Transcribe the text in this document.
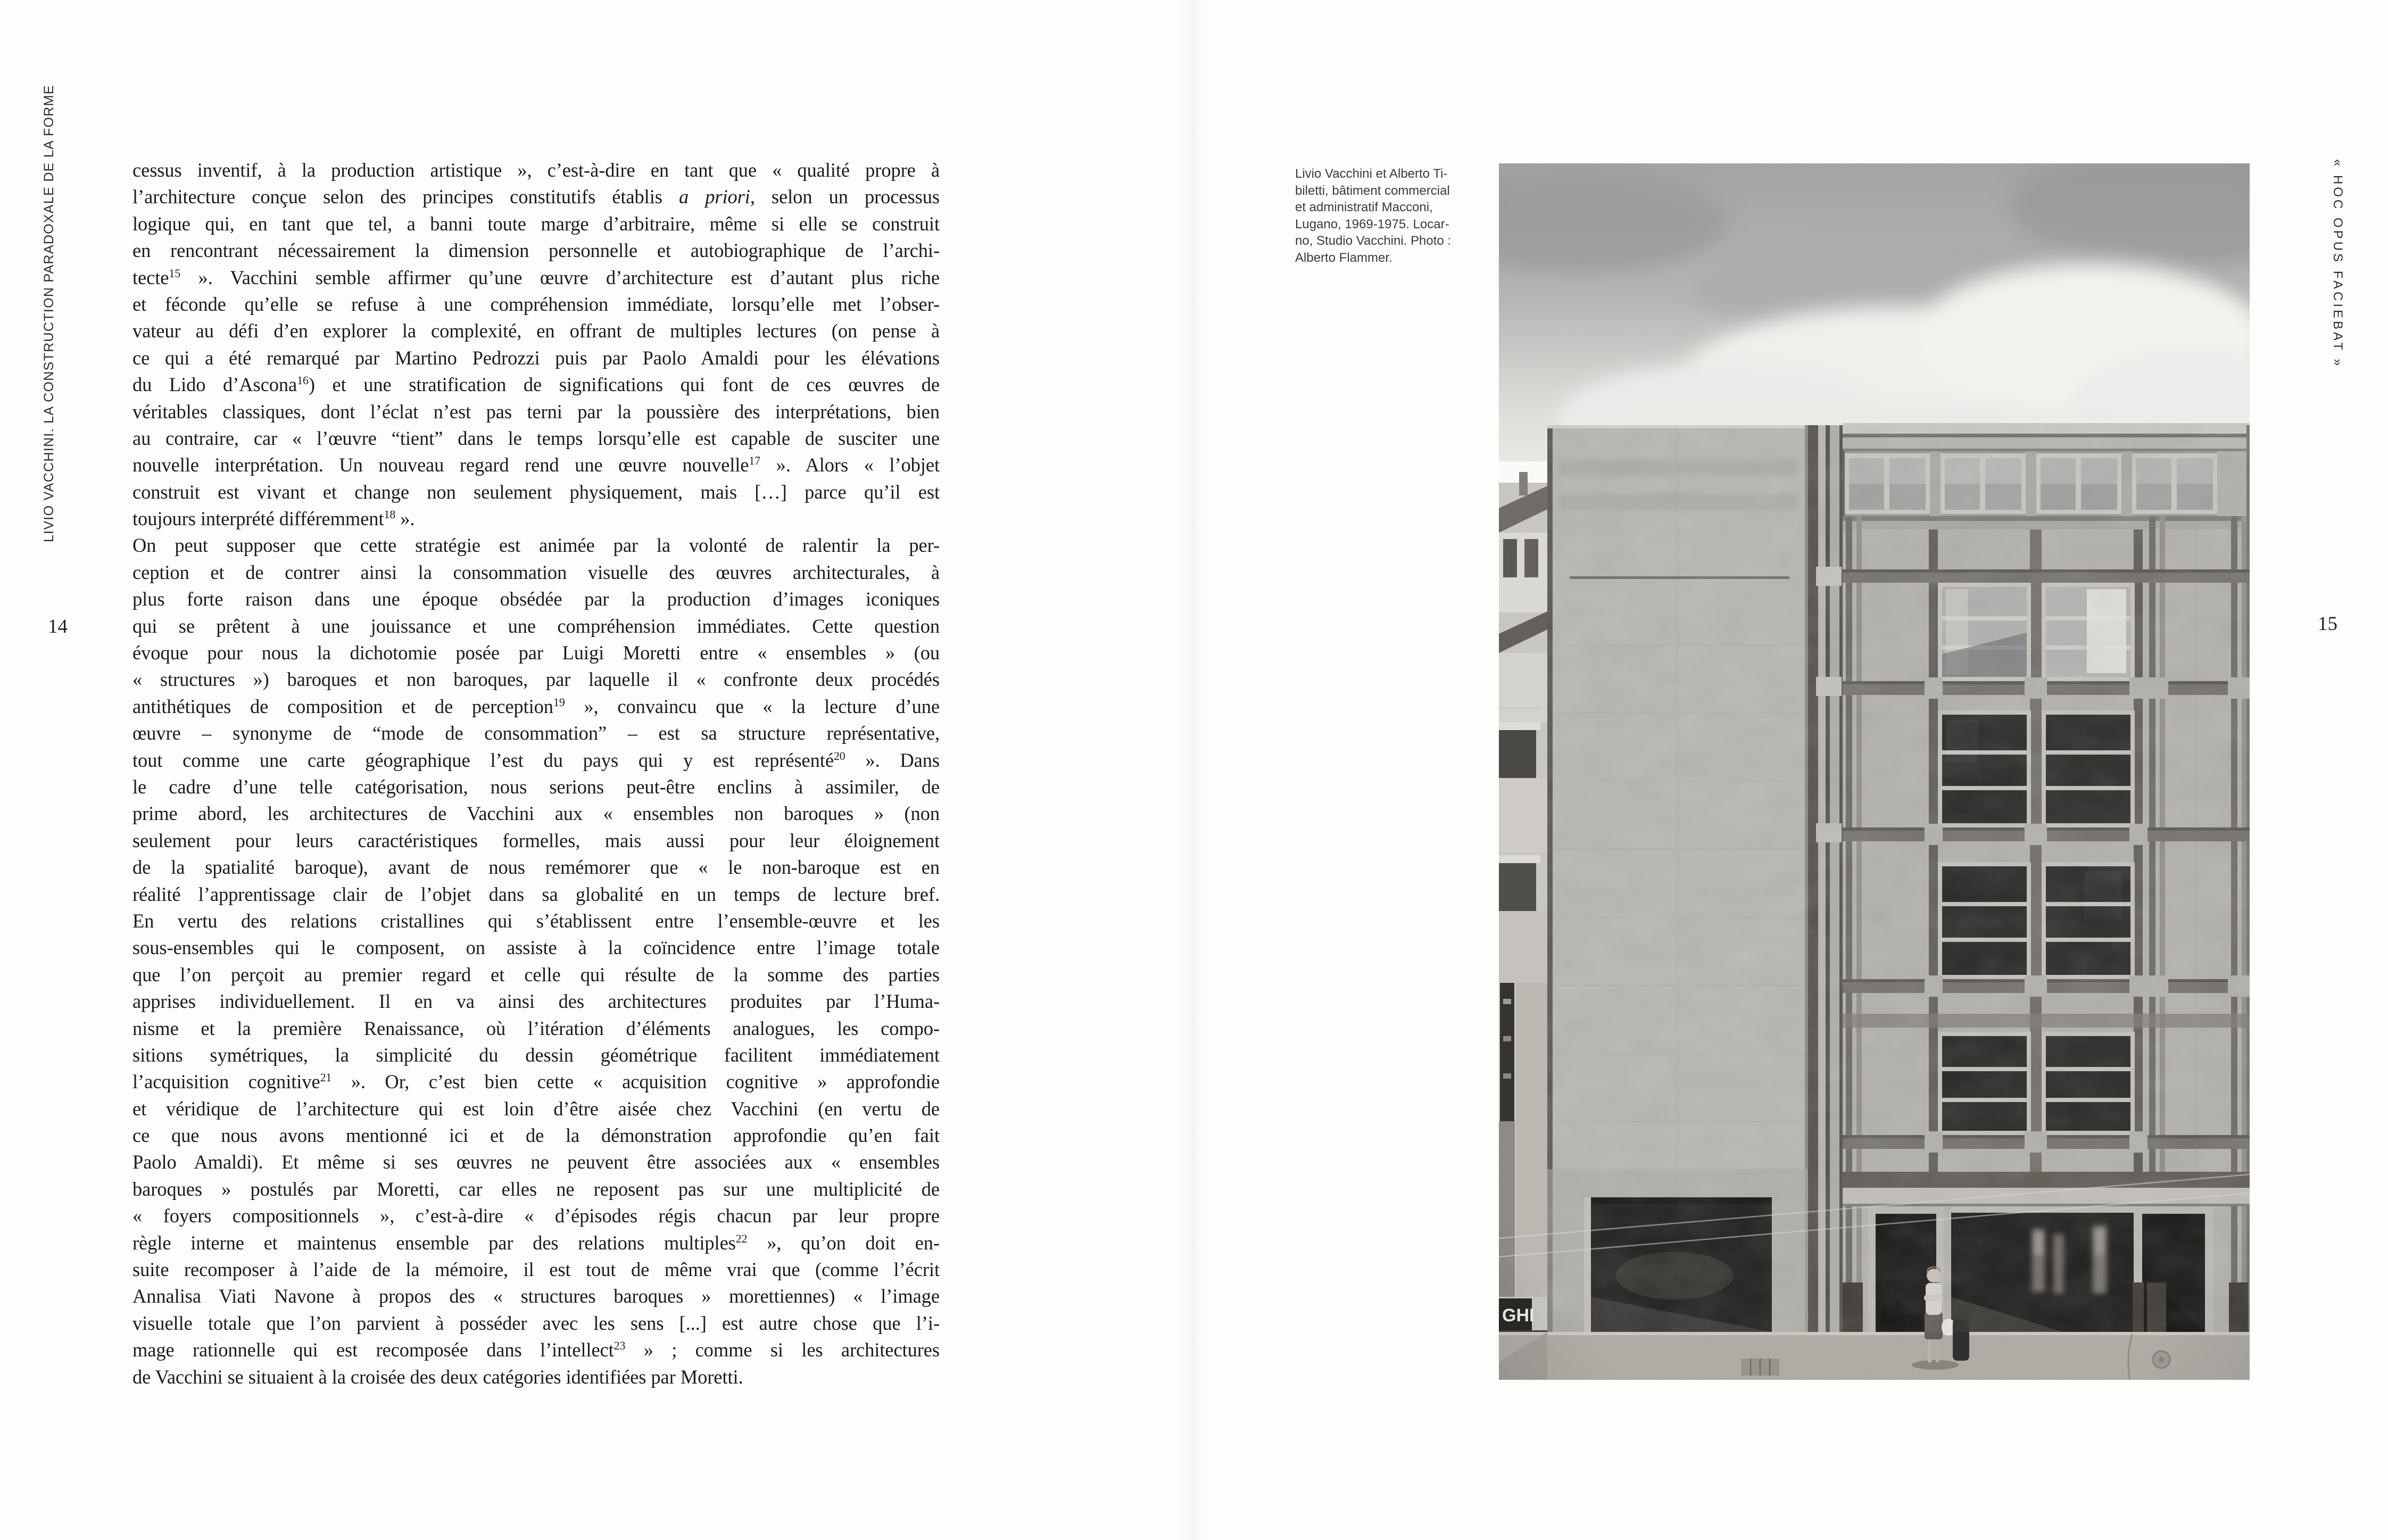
LIVIO VACCHINI. LA CONSTRUCTION PARADOXALE DE LA FORME
14
cessus inventif, à la production artistique », c’est-à-dire en tant que « qualité propre à
l’architecture conçue selon des principes constitutifs établis a priori, selon un processus
logique qui, en tant que tel, a banni toute marge d’arbitraire, même si elle se construit
en rencontrant nécessairement la dimension personnelle et autobiographique de l’archi-
tecte$^{15}$ ». Vacchini semble affirmer qu’une œuvre d’architecture est d’autant plus riche
et féconde qu’elle se refuse à une compréhension immédiate, lorsqu’elle met l’obser-
vateur au défi d’en explorer la complexité, en offrant de multiples lectures (on pense à
ce qui a été remarqué par Martino Pedrozzi puis par Paolo Amaldi pour les élévations
du Lido d’Ascona$^{16}$) et une stratification de significations qui font de ces œuvres de
véritables classiques, dont l’éclat n’est pas terni par la poussière des interprétations, bien
au contraire, car « l’œuvre “tient” dans le temps lorsqu’elle est capable de susciter une
nouvelle interprétation. Un nouveau regard rend une œuvre nouvelle$^{17}$ ». Alors « l’objet
construit est vivant et change non seulement physiquement, mais […] parce qu’il est
toujours interprété différemment$^{18}$ ».
On peut supposer que cette stratégie est animée par la volonté de ralentir la per-
ception et de contrer ainsi la consommation visuelle des œuvres architecturales, à
plus forte raison dans une époque obsédée par la production d’images iconiques
qui se prêtent à une jouissance et une compréhension immédiates. Cette question
évoque pour nous la dichotomie posée par Luigi Moretti entre « ensembles » (ou
« structures ») baroques et non baroques, par laquelle il « confronte deux procédés
antithétiques de composition et de perception$^{19}$ », convaincu que « la lecture d’une
œuvre – synonyme de “mode de consommation” – est sa structure représentative,
tout comme une carte géographique l’est du pays qui y est représenté$^{20}$ ». Dans
le cadre d’une telle catégorisation, nous serions peut-être enclins à assimiler, de
prime abord, les architectures de Vacchini aux « ensembles non baroques » (non
seulement pour leurs caractéristiques formelles, mais aussi pour leur éloignement
de la spatialité baroque), avant de nous remémorer que « le non-baroque est en
réalité l’apprentissage clair de l’objet dans sa globalité en un temps de lecture bref.
En vertu des relations cristallines qui s’établissent entre l’ensemble-œuvre et les
sous-ensembles qui le composent, on assiste à la coïncidence entre l’image totale
que l’on perçoit au premier regard et celle qui résulte de la somme des parties
apprises individuellement. Il en va ainsi des architectures produites par l’Huma-
nisme et la première Renaissance, où l’itération d’éléments analogues, les compo-
sitions symétriques, la simplicité du dessin géométrique facilitent immédiatement
l’acquisition cognitive$^{21}$ ». Or, c’est bien cette « acquisition cognitive » approfondie
et véridique de l’architecture qui est loin d’être aisée chez Vacchini (en vertu de
ce que nous avons mentionné ici et de la démonstration approfondie qu’en fait
Paolo Amaldi). Et même si ses œuvres ne peuvent être associées aux « ensembles
baroques » postulés par Moretti, car elles ne reposent pas sur une multiplicité de
« foyers compositionnels », c’est-à-dire « d’épisodes régis chacun par leur propre
règle interne et maintenus ensemble par des relations multiples$^{22}$ », qu’on doit en-
suite recomposer à l’aide de la mémoire, il est tout de même vrai que (comme l’écrit
Annalisa Viati Navone à propos des « structures baroques » morettiennes) « l’image
visuelle totale que l’on parvient à posséder avec les sens [...] est autre chose que l’i-
mage rationnelle qui est recomposée dans l’intellect$^{23}$ » ; comme si les architectures
de Vacchini se situaient à la croisée des deux catégories identifiées par Moretti.
Livio Vacchini et Alberto Ti-
biletti, bâtiment commercial
et administratif Macconi,
Lugano, 1969-1975. Locar-
no, Studio Vacchini. Photo :
Alberto Flammer.
15
« HOC OPUS FACIEBAT »
